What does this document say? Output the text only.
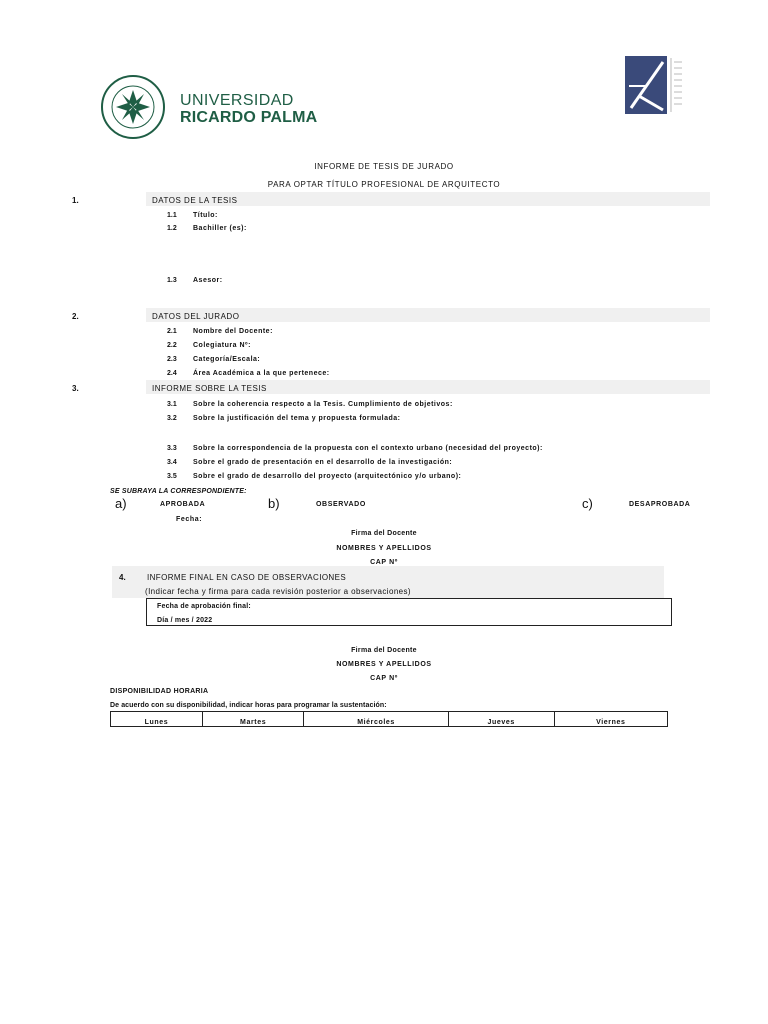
UNIVERSIDAD
RICARDO PALMA
INFORME DE TESIS DE JURADO
PARA OPTAR TÍTULO PROFESIONAL DE ARQUITECTO
1.	DATOS DE LA TESIS
1.1 Título:
1.2 Bachiller (es):
1.3 Asesor:
2.	DATOS DEL JURADO
2.1 Nombre del Docente:
2.2 Colegiatura Nº:
2.3 Categoría/Escala:
2.4 Área Académica a la que pertenece:
3.	INFORME SOBRE LA TESIS
3.1 Sobre la coherencia respecto a la Tesis. Cumplimiento de objetivos:
3.2 Sobre la justificación del tema y propuesta formulada:
3.3 Sobre la correspondencia de la propuesta con el contexto urbano (necesidad del proyecto):
3.4 Sobre el grado de presentación en el desarrollo de la investigación:
3.5 Sobre el grado de desarrollo del proyecto (arquitectónico y/o urbano):
SE SUBRAYA LA CORRESPONDIENTE:
a)	APROBADA	b)	OBSERVADO	c)	DESAPROBADA
Fecha:
Firma del Docente
NOMBRES Y APELLIDOS
CAP Nº
4.	INFORME FINAL EN CASO DE OBSERVACIONES
(Indicar fecha y firma para cada revisión posterior a observaciones)
Fecha de aprobación final:
Día / mes / 2022
Firma del Docente
NOMBRES Y APELLIDOS
CAP Nº
DISPONIBILIDAD HORARIA
De acuerdo con su disponibilidad, indicar horas para programar la sustentación:
Lunes	Martes	Miércoles	Jueves	Viernes
